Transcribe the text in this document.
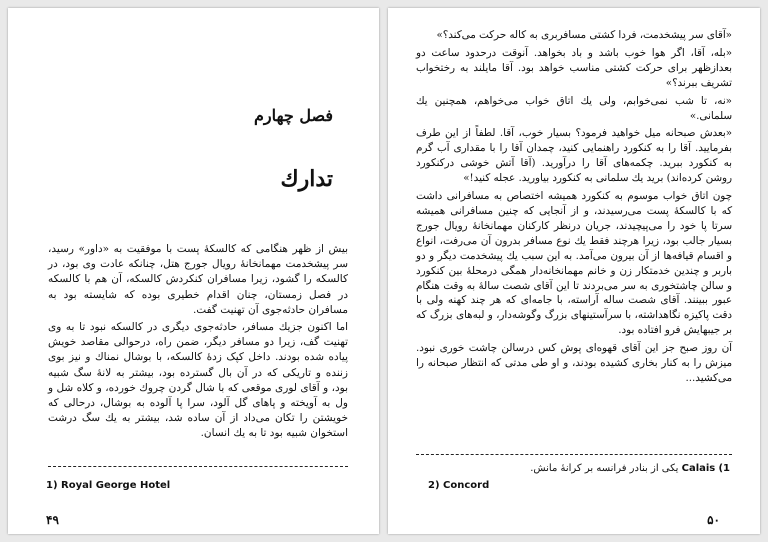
فصل چهارم
تدارك

بیش از ظهر هنگامی که کالسکهٔ پست با موفقیت به «داور» رسید، سر پیشخدمت مهمانخانهٔ رویال جورج هتل، چنانکه عادت وی بود، در کالسکه را گشود، زیرا مسافران کنکردش کالسکه، آن هم با کالسکه در فصل زمستان، چنان اقدام خطیری بوده که شایسته بود به مسافران حادثه‌جوی آن تهنیت گفت.

اما اکنون جزیك مسافر، حادثه‌جوی دیگری در کالسکه نبود تا به وی تهنیت گف، زیرا دو مسافر دیگر، ضمن راه، درحوالی مقاصد خویش پیاده شده بودند. داخل کپک زدهٔ کالسکه، با بوشال نمناك و نیز بوی زننده و تاریکی که در آن بال گسترده بود، بیشتر به لانهٔ سگ شبیه بود، و آقای لوری موقعی که با شال گردن چروك خورده، و کلاه شل و ول به آویخته و پاهای گل آلود، سرا پا آلوده به بوشال، درحالی که خویشتن را تکان می‌داد از آن ساده شد، بیشتر به یك سگ درشت استخوان شبیه بود تا به یك انسان.

1) Royal George Hotel
۴۹

«آقای سر پیشخدمت، فردا کشتی مسافربری به کاله حرکت می‌کند؟»

«بله، آقا، اگر هوا خوب باشد و باد بخواهد. آنوقت درحدود ساعت دو بعدازظهر برای حرکت کشتی مناسب خواهد بود. آقا مایلند به رختخواب تشریف ببرند؟»

«نه، تا شب نمی‌خوابم، ولی یك اتاق خواب می‌خواهم، همچنین یك سلمانی.»

«بعدش صبحانه میل خواهید فرمود؟ بسیار خوب، آقا. لطفاً از این طرف بفرمایید. آقا را به کنکورد راهنمایی کنید، چمدان آقا را با مقداری آب گرم به کنکورد ببرید. چکمه‌های آقا را درآورید. (آقا آتش خوشی درکنکورد روشن کرده‌اند) برید یك سلمانی به کنکورد بیاورید. عجله کنید!»

چون اتاق خواب موسوم به کنکورد همیشه اختصاص به مسافرانی داشت که با کالسکهٔ پست می‌رسیدند، و از آنجایی که چنین مسافرانی همیشه سرتا پا خود را می‌پیچیدند، جریان درنظر کارکنان مهمانخانهٔ رویال جورج بسیار جالب بود، زیرا هرچند فقط یك نوع مسافر بدرون آن می‌رفت، انواع و اقسام قیافه‌ها از آن بیرون می‌آمد. به این سبب یك پیشخدمت دیگر و دو باربر و چندین خدمتکار زن و خانم مهمانخانه‌دار همگی درمحلهٔ بین کنکورد و سالن چاشتخوری به سر می‌بردند تا این آقای شصت سالهٔ به وقت هنگام عبور ببینند. آقای شصت ساله آراسته، با جامه‌ای که هر چند کهنه ولی با دقت پاکیزه نگاهداشته، با سرآستینهای بزرگ وگوشه‌دار، و لبه‌های بزرگ که بر جیبهایش فرو افتاده بود.

آن روز صبح جز این آقای قهوه‌ای پوش کس درسالن چاشت خوری نبود. میزش را به کنار بخاری کشیده بودند، و او طی مدتی که انتظار صبحانه را می‌کشید...

1) Calais یکی از بنادر فرانسه بر کرانهٔ مانش.
2) Concord
۵۰
